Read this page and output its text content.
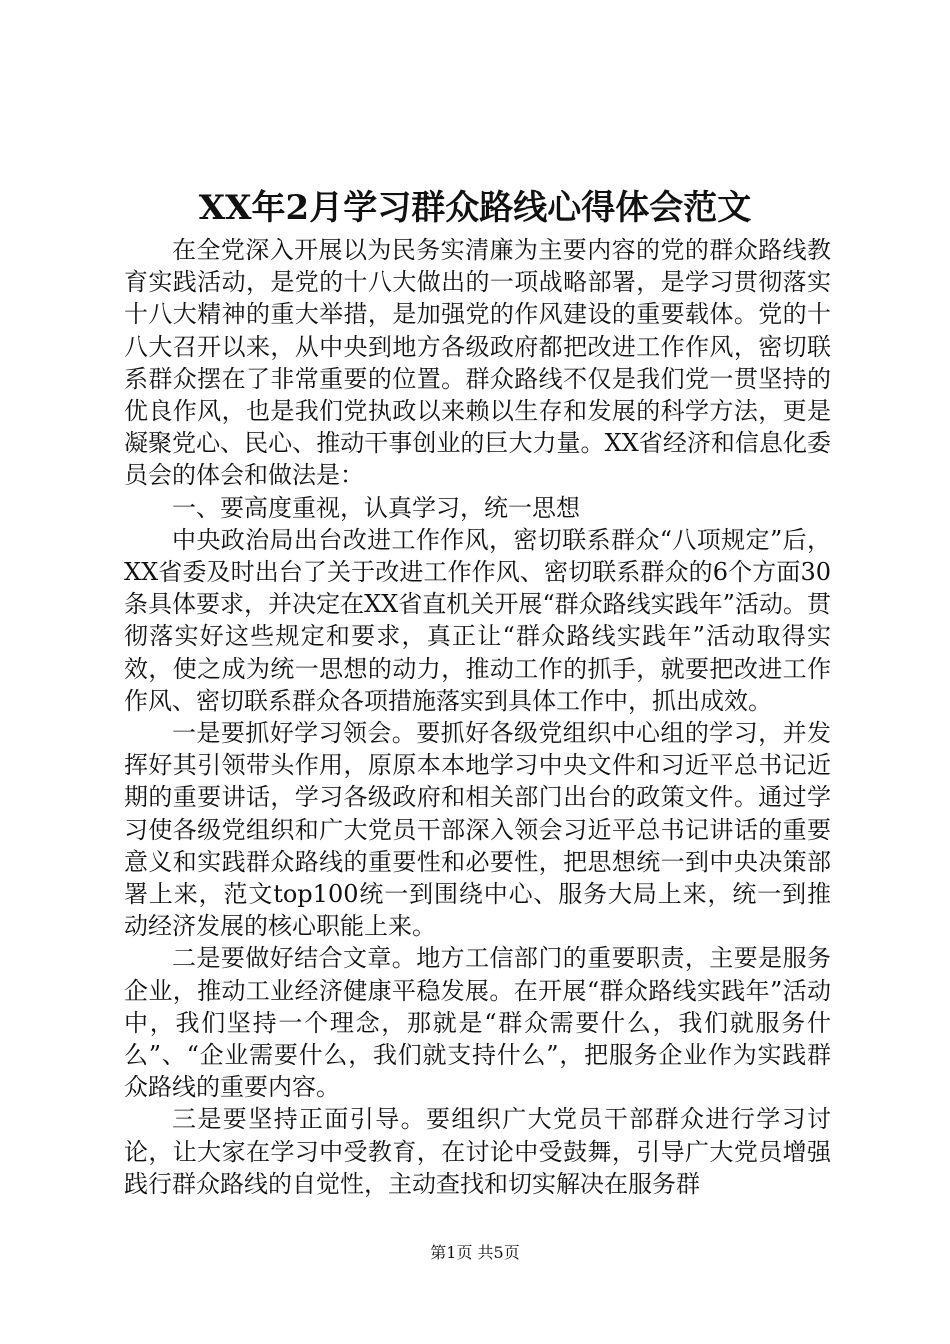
XX年2月学习群众路线心得体会范文

在全党深入开展以为民务实清廉为主要内容的党的群众路线教育实践活动，是党的十八大做出的一项战略部署，是学习贯彻落实十八大精神的重大举措，是加强党的作风建设的重要载体。党的十八大召开以来，从中央到地方各级政府都把改进工作作风，密切联系群众摆在了非常重要的位置。群众路线不仅是我们党一贯坚持的优良作风，也是我们党执政以来赖以生存和发展的科学方法，更是凝聚党心、民心、推动干事创业的巨大力量。XX省经济和信息化委员会的体会和做法是：

一、要高度重视，认真学习，统一思想

中央政治局出台改进工作作风，密切联系群众“八项规定”后，XX省委及时出台了关于改进工作作风、密切联系群众的6个方面30条具体要求，并决定在XX省直机关开展“群众路线实践年”活动。贯彻落实好这些规定和要求，真正让“群众路线实践年”活动取得实效，使之成为统一思想的动力，推动工作的抓手，就要把改进工作作风、密切联系群众各项措施落实到具体工作中，抓出成效。

一是要抓好学习领会。要抓好各级党组织中心组的学习，并发挥好其引领带头作用，原原本本地学习中央文件和习近平总书记近期的重要讲话，学习各级政府和相关部门出台的政策文件。通过学习使各级党组织和广大党员干部深入领会习近平总书记讲话的重要意义和实践群众路线的重要性和必要性，把思想统一到中央决策部署上来，范文top100统一到围绕中心、服务大局上来，统一到推动经济发展的核心职能上来。

二是要做好结合文章。地方工信部门的重要职责，主要是服务企业，推动工业经济健康平稳发展。在开展“群众路线实践年”活动中，我们坚持一个理念，那就是“群众需要什么，我们就服务什么”、“企业需要什么，我们就支持什么”，把服务企业作为实践群众路线的重要内容。

三是要坚持正面引导。要组织广大党员干部群众进行学习讨论，让大家在学习中受教育，在讨论中受鼓舞，引导广大党员增强践行群众路线的自觉性，主动查找和切实解决在服务群

第1页 共5页
